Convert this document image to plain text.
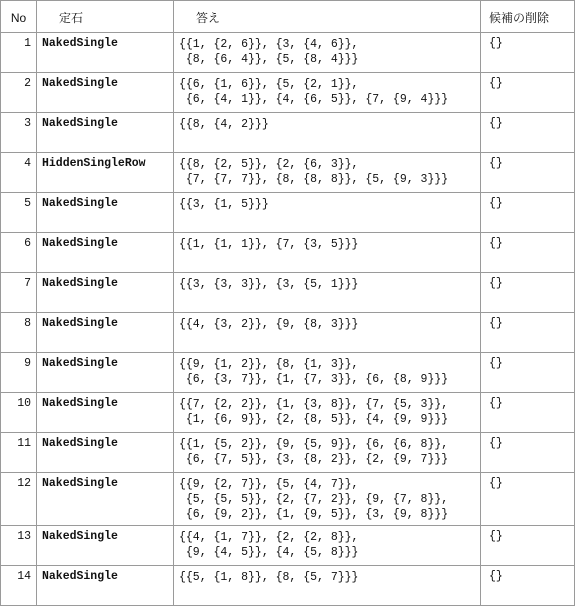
No	定石	答え	候補の削除
1	NakedSingle	{{1, {2, 6}}, {3, {4, 6}},
{8, {6, 4}}, {5, {8, 4}}}	{}
2	NakedSingle	{{6, {1, 6}}, {5, {2, 1}},
{6, {4, 1}}, {4, {6, 5}}, {7, {9, 4}}}	{}
3	NakedSingle	{{8, {4, 2}}}	{}
4	HiddenSingleRow	{{8, {2, 5}}, {2, {6, 3}},
{7, {7, 7}}, {8, {8, 8}}, {5, {9, 3}}}	{}
5	NakedSingle	{{3, {1, 5}}}	{}
6	NakedSingle	{{1, {1, 1}}, {7, {3, 5}}}	{}
7	NakedSingle	{{3, {3, 3}}, {3, {5, 1}}}	{}
8	NakedSingle	{{4, {3, 2}}, {9, {8, 3}}}	{}
9	NakedSingle	{{9, {1, 2}}, {8, {1, 3}},
{6, {3, 7}}, {1, {7, 3}}, {6, {8, 9}}}	{}
10	NakedSingle	{{7, {2, 2}}, {1, {3, 8}}, {7, {5, 3}},
{1, {6, 9}}, {2, {8, 5}}, {4, {9, 9}}}	{}
11	NakedSingle	{{1, {5, 2}}, {9, {5, 9}}, {6, {6, 8}},
{6, {7, 5}}, {3, {8, 2}}, {2, {9, 7}}}	{}
12	NakedSingle	{{9, {2, 7}}, {5, {4, 7}},
{5, {5, 5}}, {2, {7, 2}}, {9, {7, 8}},
{6, {9, 2}}, {1, {9, 5}}, {3, {9, 8}}}	{}
13	NakedSingle	{{4, {1, 7}}, {2, {2, 8}},
{9, {4, 5}}, {4, {5, 8}}}	{}
14	NakedSingle	{{5, {1, 8}}, {8, {5, 7}}}	{}
